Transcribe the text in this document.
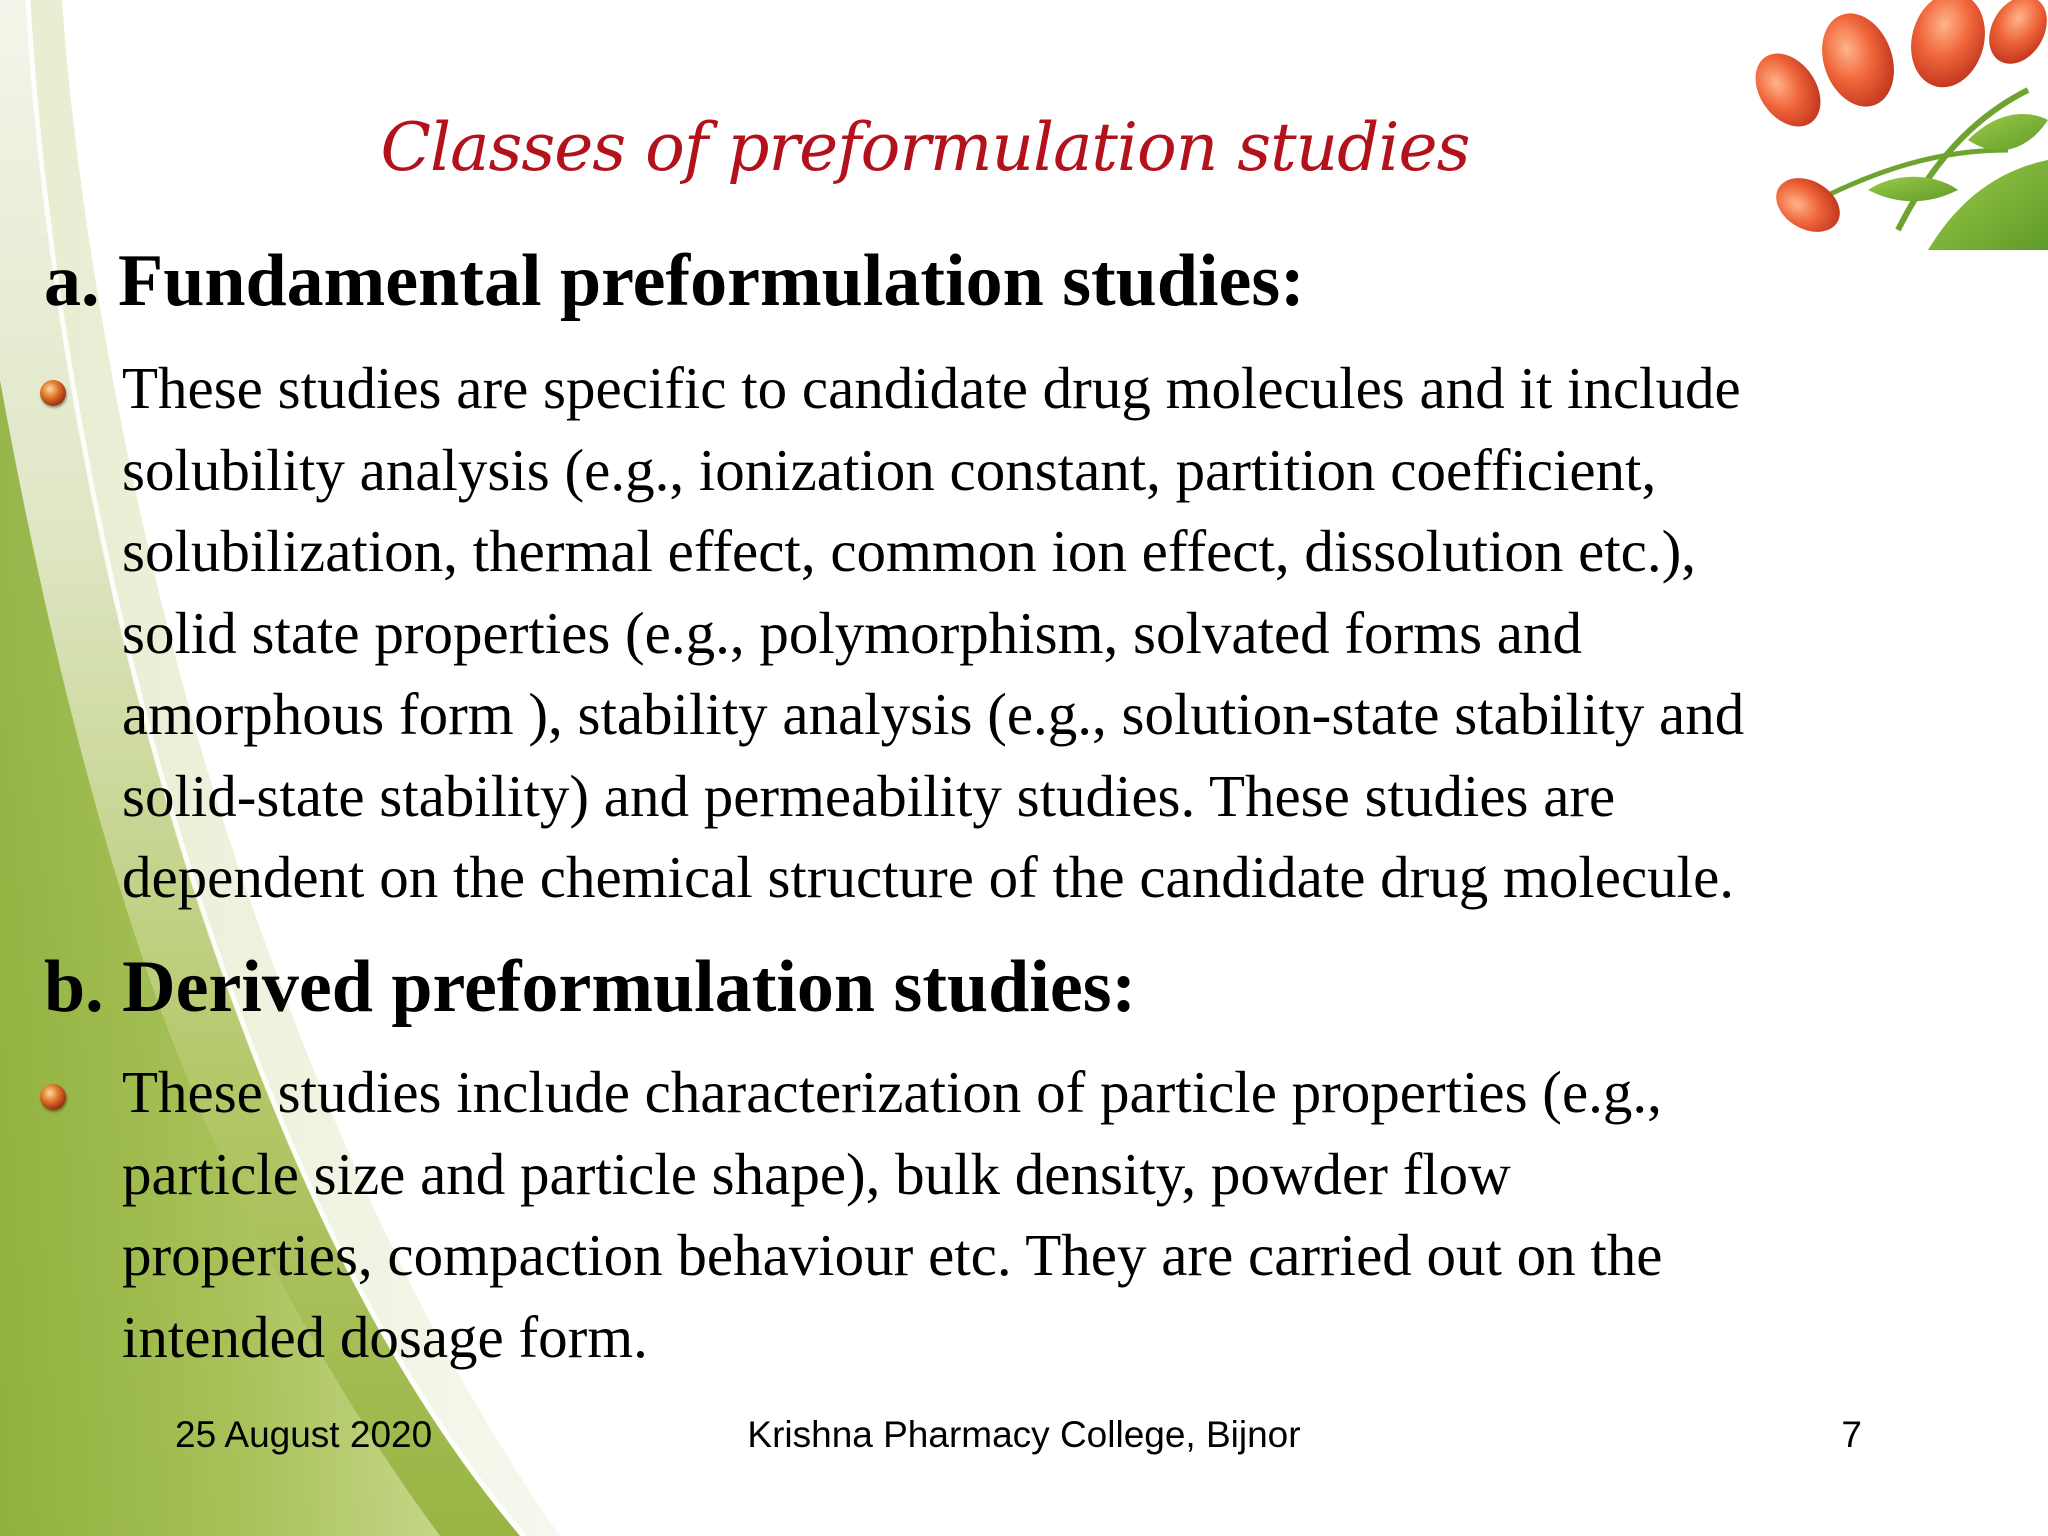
Classes of preformulation studies
a. Fundamental preformulation studies:

These studies are specific to candidate drug molecules and it include
solubility analysis (e.g., ionization constant, partition coefficient,
solubilization, thermal effect, common ion effect, dissolution etc.),
solid state properties (e.g., polymorphism, solvated forms and
amorphous form ), stability analysis (e.g., solution-state stability and
solid-state stability) and permeability studies. These studies are
dependent on the chemical structure of the candidate drug molecule.

b. Derived preformulation studies:

These studies include characterization of particle properties (e.g.,
particle size and particle shape), bulk density, powder flow
properties, compaction behaviour etc. They are carried out on the
intended dosage form.

25 August 2020	Krishna Pharmacy College, Bijnor	7
